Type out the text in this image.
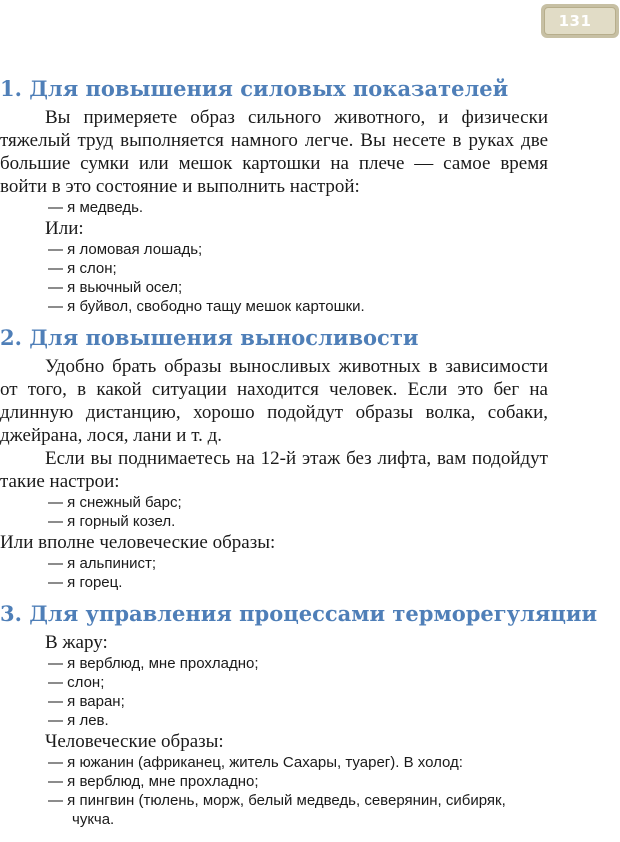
131
1. Для повышения силовых показателей

Вы примеряете образ сильного животного, и физически тяжелый труд выполняется намного легче. Вы несете в руках две большие сумки или мешок картошки на плече — самое время войти в это состояние и выполнить настрой:

— я медведь.

Или:

— я ломовая лошадь;
— я слон;
— я вьючный осел;
— я буйвол, свободно тащу мешок картошки.
2. Для повышения выносливости

Удобно брать образы выносливых животных в зависимости от того, в какой ситуации находится человек. Если это бег на длинную дистанцию, хорошо подойдут образы волка, собаки, джейрана, лося, лани и т. д.

Если вы поднимаетесь на 12-й этаж без лифта, вам подойдут такие настрои:

— я снежный барс;
— я горный козел.

Или вполне человеческие образы:

— я альпинист;
— я горец.
3. Для управления процессами терморегуляции

В жару:

— я верблюд, мне прохладно;
— слон;
— я варан;
— я лев.

Человеческие образы:

— я южанин (африканец, житель Сахары, туарег). В холод:
— я верблюд, мне прохладно;
— я пингвин (тюлень, морж, белый медведь, северянин, сибиряк, чукча.
